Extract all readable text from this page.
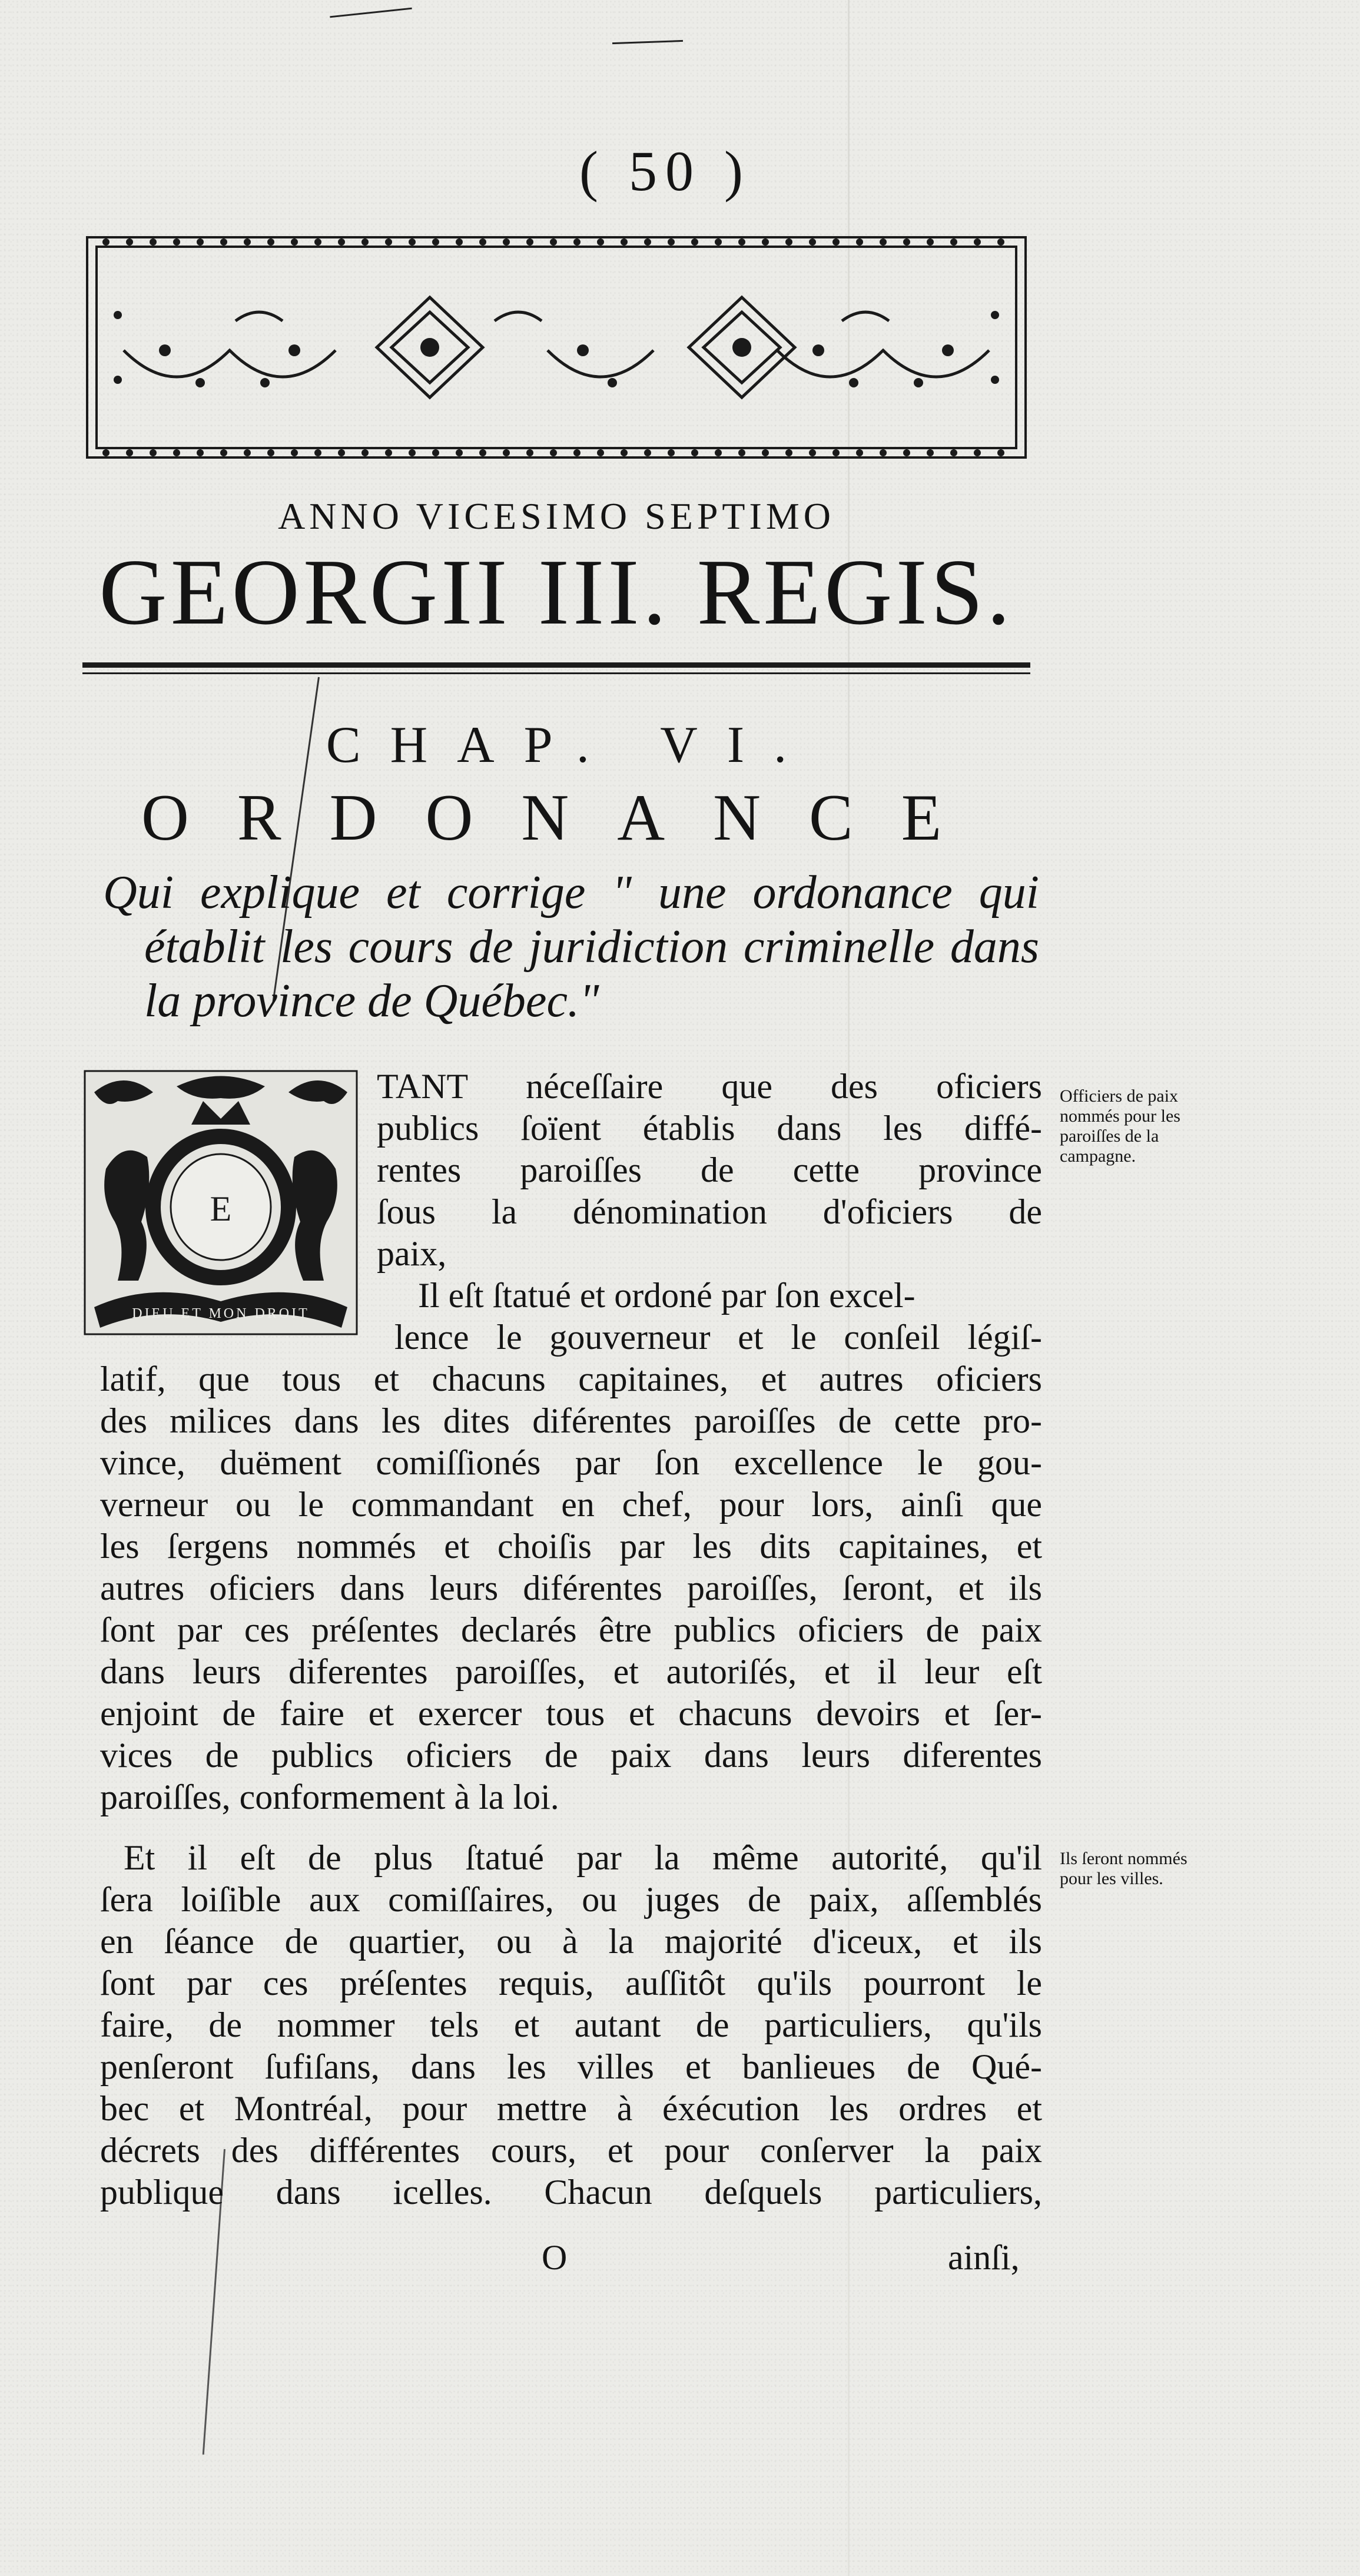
( 50 )
ANNO VICESIMO SEPTIMO
GEORGII III. REGIS.
CHAP. VI.
ORDONANCE
Qui explique et corrige " une ordonance qui
établit les cours de juridiction criminelle dans
la province de Québec."
E
DIEU ET MON DROIT
TANT néceſſaire que des oficiers
publics ſoïent établis dans les diffé-
rentes paroiſſes de cette province
ſous la dénomination d'oficiers de
paix,
Il eſt ſtatué et ordoné par ſon excel-
lence le gouverneur et le conſeil légiſ-
latif, que tous et chacuns capitaines, et autres oficiers
des milices dans les dites diférentes paroiſſes de cette pro-
vince, duëment comiſſionés par ſon excellence le gou-
verneur ou le commandant en chef, pour lors, ainſi que
les ſergens nommés et choiſis par les dits capitaines, et
autres oficiers dans leurs diférentes paroiſſes, ſeront, et ils
ſont par ces préſentes declarés être publics oficiers de paix
dans leurs diferentes paroiſſes, et autoriſés, et il leur eſt
enjoint de faire et exercer tous et chacuns devoirs et ſer-
vices de publics oficiers de paix dans leurs diferentes
paroiſſes, conformement à la loi.
Et il eſt de plus ſtatué par la même autorité, qu'il
ſera loiſible aux comiſſaires, ou juges de paix, aſſemblés
en ſéance de quartier, ou à la majorité d'iceux, et ils
ſont par ces préſentes requis, auſſitôt qu'ils pourront le
faire, de nommer tels et autant de particuliers, qu'ils
penſeront ſufiſans, dans les villes et banlieues de Qué-
bec et Montréal, pour mettre à éxécution les ordres et
décrets des différentes cours, et pour conſerver la paix
publique dans icelles. Chacun deſquels particuliers,
O	ainſi,
Officiers de paix nommés pour les paroiſſes de la campagne.
Ils ſeront nommés pour les villes.
